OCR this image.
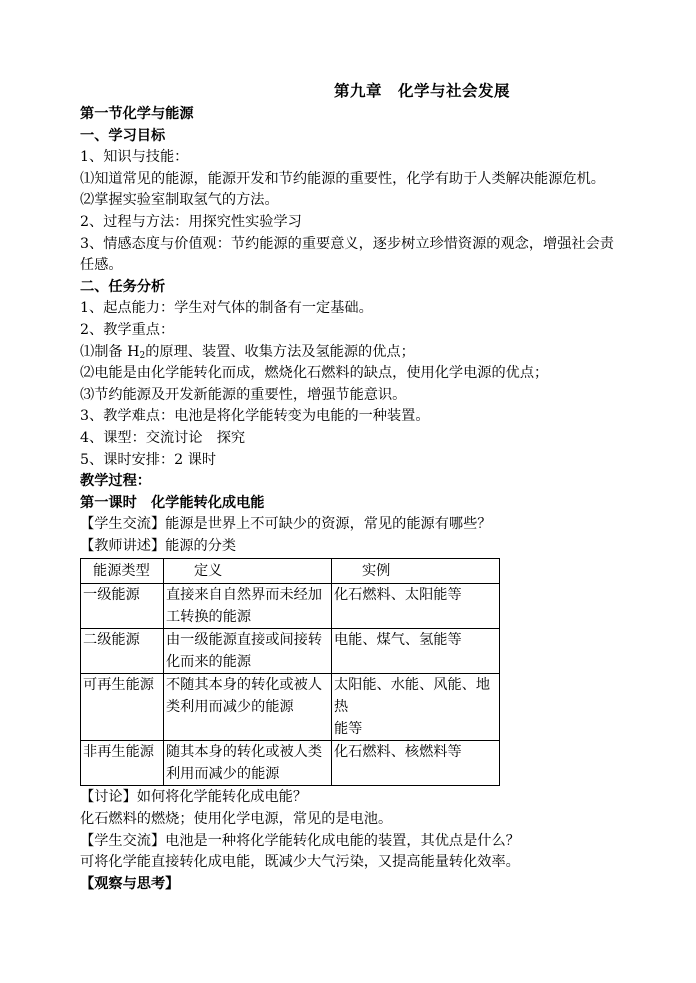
第九章　化学与社会发展
第一节化学与能源
一、学习目标
1、知识与技能：
⑴知道常见的能源，能源开发和节约能源的重要性，化学有助于人类解决能源危机。
⑵掌握实验室制取氢气的方法。
2、过程与方法：用探究性实验学习
3、情感态度与价值观：节约能源的重要意义，逐步树立珍惜资源的观念，增强社会责任感。
二、任务分析
1、起点能力：学生对气体的制备有一定基础。
2、教学重点：
⑴制备 $H_2$的原理、装置、收集方法及氢能源的优点；
⑵电能是由化学能转化而成，燃烧化石燃料的缺点，使用化学电源的优点；
⑶节约能源及开发新能源的重要性，增强节能意识。
3、教学难点：电池是将化学能转变为电能的一种装置。
4、课型：交流讨论　探究
5、课时安排：2 课时
教学过程：
第一课时　化学能转化成电能
【学生交流】能源是世界上不可缺少的资源，常见的能源有哪些？
【教师讲述】能源的分类
能源类型	定义	实例
一级能源	直接来自自然界而未经加工转换的能源	化石燃料、太阳能等
二级能源	由一级能源直接或间接转化而来的能源	电能、煤气、氢能等
可再生能源	不随其本身的转化或被人类利用而减少的能源	太阳能、水能、风能、地热
能等
非再生能源	随其本身的转化或被人类利用而减少的能源	化石燃料、核燃料等
【讨论】如何将化学能转化成电能？
化石燃料的燃烧；使用化学电源，常见的是电池。
【学生交流】电池是一种将化学能转化成电能的装置，其优点是什么？
可将化学能直接转化成电能，既减少大气污染，又提高能量转化效率。
【观察与思考】
